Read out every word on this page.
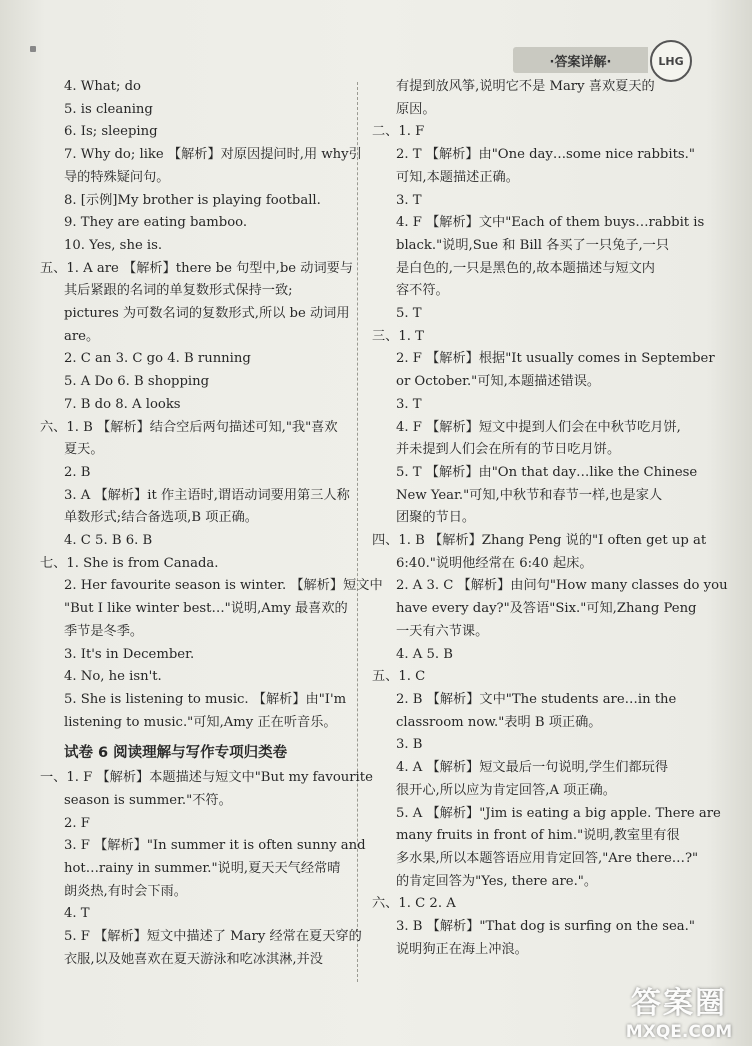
·答案详解·	LHG
4. What; do
5. is cleaning
6. Is; sleeping
7. Why do; like 【解析】对原因提问时,用 why引
导的特殊疑问句。
8. [示例]My brother is playing football.
9. They are eating bamboo.
10. Yes, she is.
五、1. A are 【解析】there be 句型中,be 动词要与
其后紧跟的名词的单复数形式保持一致;
pictures 为可数名词的复数形式,所以 be 动词用
are。
2. C an 3. C go 4. B running
5. A Do 6. B shopping
7. B do 8. A looks
六、1. B 【解析】结合空后两句描述可知,"我"喜欢
夏天。
2. B
3. A 【解析】it 作主语时,谓语动词要用第三人称
单数形式;结合备选项,B 项正确。
4. C 5. B 6. B
七、1. She is from Canada.
2. Her favourite season is winter. 【解析】短文中
"But I like winter best…"说明,Amy 最喜欢的
季节是冬季。
3. It's in December.
4. No, he isn't.
5. She is listening to music. 【解析】由"I'm
listening to music."可知,Amy 正在听音乐。
试卷 6 阅读理解与写作专项归类卷
一、1. F 【解析】本题描述与短文中"But my favourite
season is summer."不符。
2. F
3. F 【解析】"In summer it is often sunny and
hot…rainy in summer."说明,夏天天气经常晴
朗炎热,有时会下雨。
4. T
5. F 【解析】短文中描述了 Mary 经常在夏天穿的
衣服,以及她喜欢在夏天游泳和吃冰淇淋,并没
有提到放风筝,说明它不是 Mary 喜欢夏天的
原因。
二、1. F
2. T 【解析】由"One day…some nice rabbits."
可知,本题描述正确。
3. T
4. F 【解析】文中"Each of them buys…rabbit is
black."说明,Sue 和 Bill 各买了一只兔子,一只
是白色的,一只是黑色的,故本题描述与短文内
容不符。
5. T
三、1. T
2. F 【解析】根据"It usually comes in September
or October."可知,本题描述错误。
3. T
4. F 【解析】短文中提到人们会在中秋节吃月饼,
并未提到人们会在所有的节日吃月饼。
5. T 【解析】由"On that day…like the Chinese
New Year."可知,中秋节和春节一样,也是家人
团聚的节日。
四、1. B 【解析】Zhang Peng 说的"I often get up at
6:40."说明他经常在 6:40 起床。
2. A 3. C 【解析】由问句"How many classes do you
have every day?"及答语"Six."可知,Zhang Peng
一天有六节课。
4. A 5. B
五、1. C
2. B 【解析】文中"The students are…in the
classroom now."表明 B 项正确。
3. B
4. A 【解析】短文最后一句说明,学生们都玩得
很开心,所以应为肯定回答,A 项正确。
5. A 【解析】"Jim is eating a big apple. There are
many fruits in front of him."说明,教室里有很
多水果,所以本题答语应用肯定回答,"Are there…?"
的肯定回答为"Yes, there are."。
六、1. C 2. A
3. B 【解析】"That dog is surfing on the sea."
说明狗正在海上冲浪。
答案圈
MXQE.COM
